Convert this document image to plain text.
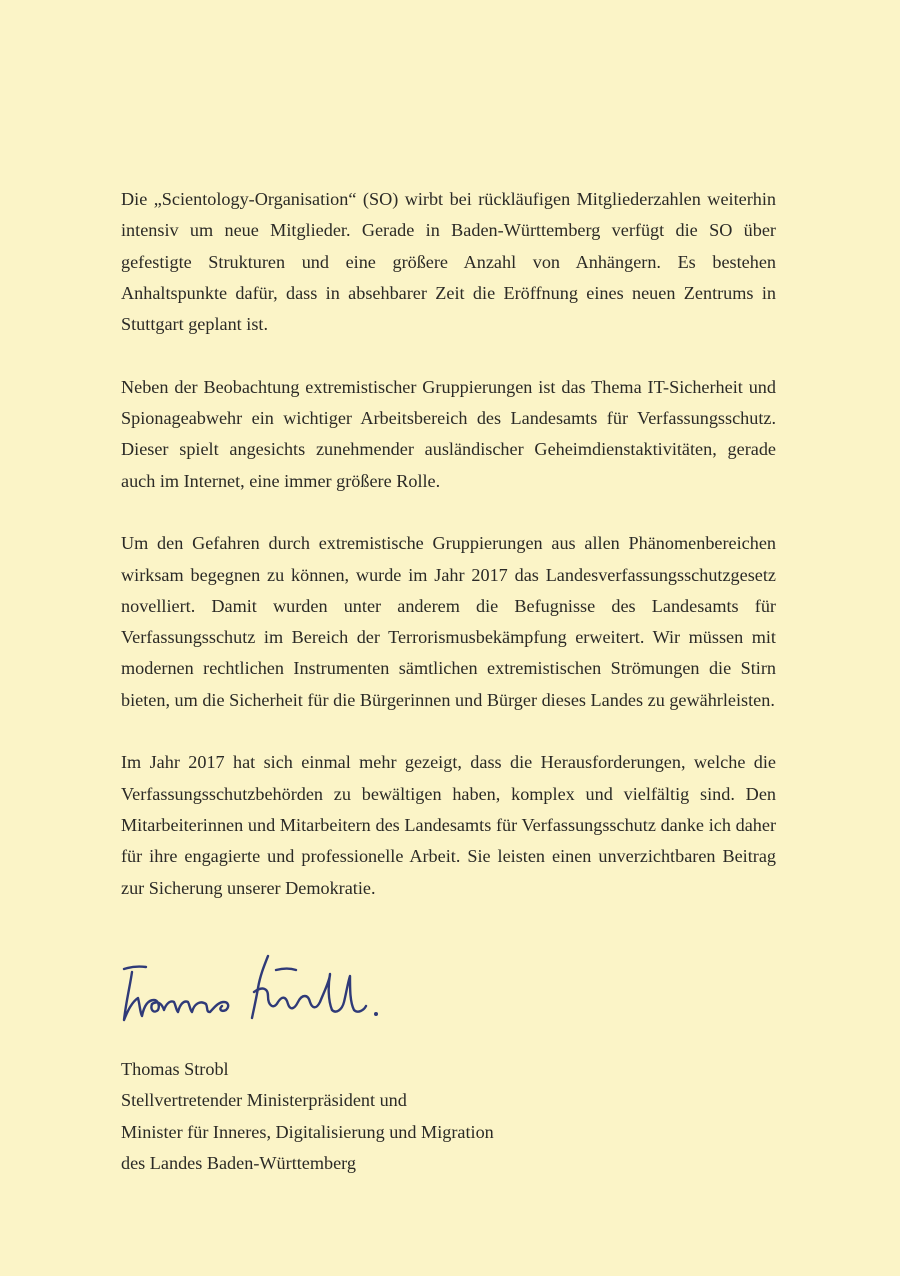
Die „Scientology-Organisation“ (SO) wirbt bei rückläufigen Mitgliederzahlen weiterhin intensiv um neue Mitglieder. Gerade in Baden-Württemberg verfügt die SO über gefestigte Strukturen und eine größere Anzahl von Anhängern. Es bestehen Anhaltspunkte dafür, dass in absehbarer Zeit die Eröffnung eines neuen Zentrums in Stuttgart geplant ist.

Neben der Beobachtung extremistischer Gruppierungen ist das Thema IT-Sicherheit und Spionageabwehr ein wichtiger Arbeitsbereich des Landesamts für Verfassungsschutz. Dieser spielt angesichts zunehmender ausländischer Geheimdienstaktivitäten, gerade auch im Internet, eine immer größere Rolle.

Um den Gefahren durch extremistische Gruppierungen aus allen Phänomenbereichen wirksam begegnen zu können, wurde im Jahr 2017 das Landesverfassungsschutzgesetz novelliert. Damit wurden unter anderem die Befugnisse des Landesamts für Verfassungsschutz im Bereich der Terrorismusbekämpfung erweitert. Wir müssen mit modernen rechtlichen Instrumenten sämtlichen extremistischen Strömungen die Stirn bieten, um die Sicherheit für die Bürgerinnen und Bürger dieses Landes zu gewährleisten.

Im Jahr 2017 hat sich einmal mehr gezeigt, dass die Herausforderungen, welche die Verfassungsschutzbehörden zu bewältigen haben, komplex und vielfältig sind. Den Mitarbeiterinnen und Mitarbeitern des Landesamts für Verfassungsschutz danke ich daher für ihre engagierte und professionelle Arbeit. Sie leisten einen unverzichtbaren Beitrag zur Sicherung unserer Demokratie.

Thomas Strobl
Stellvertretender Ministerpräsident und
Minister für Inneres, Digitalisierung und Migration
des Landes Baden-Württemberg
